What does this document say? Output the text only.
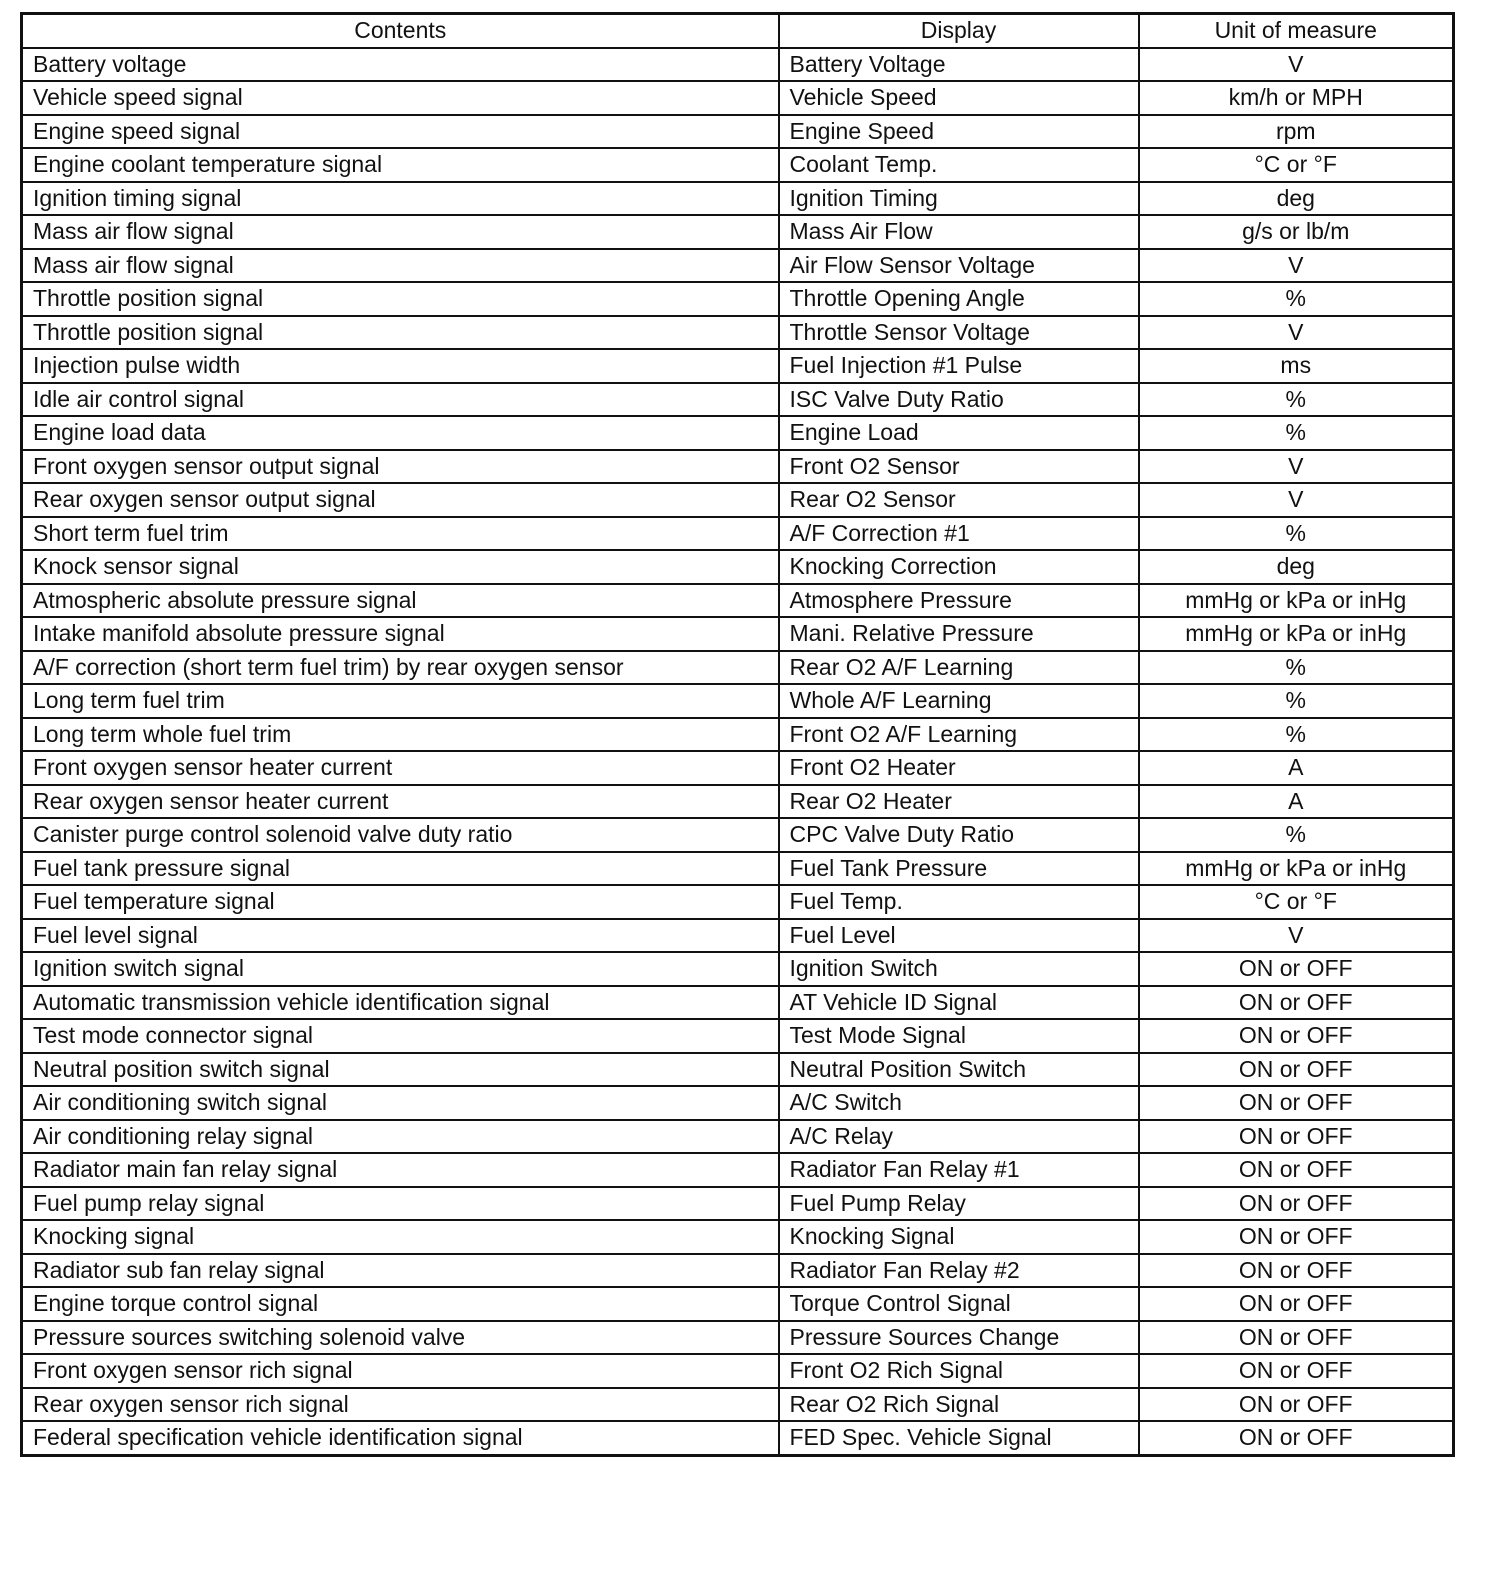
Contents	Display	Unit of measure
Battery voltage	Battery Voltage	V
Vehicle speed signal	Vehicle Speed	km/h or MPH
Engine speed signal	Engine Speed	rpm
Engine coolant temperature signal	Coolant Temp.	°C or °F
Ignition timing signal	Ignition Timing	deg
Mass air flow signal	Mass Air Flow	g/s or lb/m
Mass air flow signal	Air Flow Sensor Voltage	V
Throttle position signal	Throttle Opening Angle	%
Throttle position signal	Throttle Sensor Voltage	V
Injection pulse width	Fuel Injection #1 Pulse	ms
Idle air control signal	ISC Valve Duty Ratio	%
Engine load data	Engine Load	%
Front oxygen sensor output signal	Front O2 Sensor	V
Rear oxygen sensor output signal	Rear O2 Sensor	V
Short term fuel trim	A/F Correction #1	%
Knock sensor signal	Knocking Correction	deg
Atmospheric absolute pressure signal	Atmosphere Pressure	mmHg or kPa or inHg
Intake manifold absolute pressure signal	Mani. Relative Pressure	mmHg or kPa or inHg
A/F correction (short term fuel trim) by rear oxygen sensor	Rear O2 A/F Learning	%
Long term fuel trim	Whole A/F Learning	%
Long term whole fuel trim	Front O2 A/F Learning	%
Front oxygen sensor heater current	Front O2 Heater	A
Rear oxygen sensor heater current	Rear O2 Heater	A
Canister purge control solenoid valve duty ratio	CPC Valve Duty Ratio	%
Fuel tank pressure signal	Fuel Tank Pressure	mmHg or kPa or inHg
Fuel temperature signal	Fuel Temp.	°C or °F
Fuel level signal	Fuel Level	V
Ignition switch signal	Ignition Switch	ON or OFF
Automatic transmission vehicle identification signal	AT Vehicle ID Signal	ON or OFF
Test mode connector signal	Test Mode Signal	ON or OFF
Neutral position switch signal	Neutral Position Switch	ON or OFF
Air conditioning switch signal	A/C Switch	ON or OFF
Air conditioning relay signal	A/C Relay	ON or OFF
Radiator main fan relay signal	Radiator Fan Relay #1	ON or OFF
Fuel pump relay signal	Fuel Pump Relay	ON or OFF
Knocking signal	Knocking Signal	ON or OFF
Radiator sub fan relay signal	Radiator Fan Relay #2	ON or OFF
Engine torque control signal	Torque Control Signal	ON or OFF
Pressure sources switching solenoid valve	Pressure Sources Change	ON or OFF
Front oxygen sensor rich signal	Front O2 Rich Signal	ON or OFF
Rear oxygen sensor rich signal	Rear O2 Rich Signal	ON or OFF
Federal specification vehicle identification signal	FED Spec. Vehicle Signal	ON or OFF
